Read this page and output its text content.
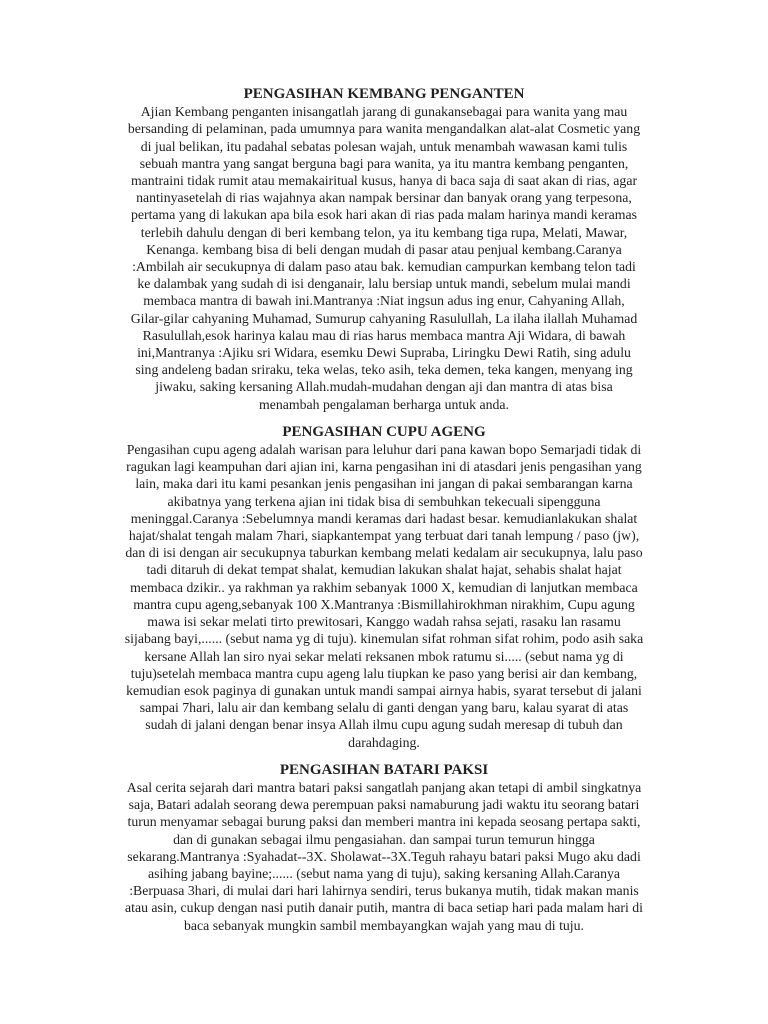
PENGASIHAN KEMBANG PENGANTEN
Ajian Kembang penganten inisangatlah jarang di gunakansebagai para wanita yang mau
bersanding di pelaminan, pada umumnya para wanita mengandalkan alat-alat Cosmetic yang
di jual belikan, itu padahal sebatas polesan wajah, untuk menambah wawasan kami tulis
sebuah mantra yang sangat berguna bagi para wanita, ya itu mantra kembang penganten,
mantraini tidak rumit atau memakairitual kusus, hanya di baca saja di saat akan di rias, agar
nantinyasetelah di rias wajahnya akan nampak bersinar dan banyak orang yang terpesona,
pertama yang di lakukan apa bila esok hari akan di rias pada malam harinya mandi keramas
terlebih dahulu dengan di beri kembang telon, ya itu kembang tiga rupa, Melati, Mawar,
Kenanga. kembang bisa di beli dengan mudah di pasar atau penjual kembang.Caranya
:Ambilah air secukupnya di dalam paso atau bak. kemudian campurkan kembang telon tadi
ke dalambak yang sudah di isi denganair, lalu bersiap untuk mandi, sebelum mulai mandi
membaca mantra di bawah ini.Mantranya :Niat ingsun adus ing enur, Cahyaning Allah,
Gilar-gilar cahyaning Muhamad, Sumurup cahyaning Rasulullah, La ilaha ilallah Muhamad
Rasulullah,esok harinya kalau mau di rias harus membaca mantra Aji Widara, di bawah
ini,Mantranya :Ajiku sri Widara, esemku Dewi Supraba, Liringku Dewi Ratih, sing adulu
sing andeleng badan sriraku, teka welas, teko asih, teka demen, teka kangen, menyang ing
jiwaku, saking kersaning Allah.mudah-mudahan dengan aji dan mantra di atas bisa
menambah pengalaman berharga untuk anda.
PENGASIHAN CUPU AGENG
Pengasihan cupu ageng adalah warisan para leluhur dari pana kawan bopo Semarjadi tidak di
ragukan lagi keampuhan dari ajian ini, karna pengasihan ini di atasdari jenis pengasihan yang
lain, maka dari itu kami pesankan jenis pengasihan ini jangan di pakai sembarangan karna
akibatnya yang terkena ajian ini tidak bisa di sembuhkan tekecuali sipengguna
meninggal.Caranya :Sebelumnya mandi keramas dari hadast besar. kemudianlakukan shalat
hajat/shalat tengah malam 7hari, siapkantempat yang terbuat dari tanah lempung / paso (jw),
dan di isi dengan air secukupnya taburkan kembang melati kedalam air secukupnya, lalu paso
tadi ditaruh di dekat tempat shalat, kemudian lakukan shalat hajat, sehabis shalat hajat
membaca dzikir.. ya rakhman ya rakhim sebanyak 1000 X, kemudian di lanjutkan membaca
mantra cupu ageng,sebanyak 100 X.Mantranya :Bismillahirokhman nirakhim, Cupu agung
mawa isi sekar melati tirto prewitosari, Kanggo wadah rahsa sejati, rasaku lan rasamu
sijabang bayi,...... (sebut nama yg di tuju). kinemulan sifat rohman sifat rohim, podo asih saka
kersane Allah lan siro nyai sekar melati reksanen mbok ratumu si..... (sebut nama yg di
tuju)setelah membaca mantra cupu ageng lalu tiupkan ke paso yang berisi air dan kembang,
kemudian esok paginya di gunakan untuk mandi sampai airnya habis, syarat tersebut di jalani
sampai 7hari, lalu air dan kembang selalu di ganti dengan yang baru, kalau syarat di atas
sudah di jalani dengan benar insya Allah ilmu cupu agung sudah meresap di tubuh dan
darahdaging.
PENGASIHAN BATARI PAKSI
Asal cerita sejarah dari mantra batari paksi sangatlah panjang akan tetapi di ambil singkatnya
saja, Batari adalah seorang dewa perempuan paksi namaburung jadi waktu itu seorang batari
turun menyamar sebagai burung paksi dan memberi mantra ini kepada seosang pertapa sakti,
dan di gunakan sebagai ilmu pengasiahan. dan sampai turun temurun hingga
sekarang.Mantranya :Syahadat--3X. Sholawat--3X.Teguh rahayu batari paksi Mugo aku dadi
asihing jabang bayine;...... (sebut nama yang di tuju), saking kersaning Allah.Caranya
:Berpuasa 3hari, di mulai dari hari lahirnya sendiri, terus bukanya mutih, tidak makan manis
atau asin, cukup dengan nasi putih danair putih, mantra di baca setiap hari pada malam hari di
baca sebanyak mungkin sambil membayangkan wajah yang mau di tuju.
